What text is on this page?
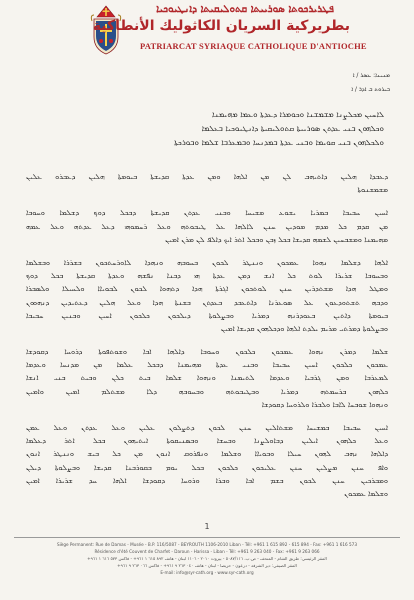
ܦܛܪܝܪܟܘܬܐ ܣܘܪܝܝܬܐ ܩܬܘܠܝܩܝܬܐ ܕܐܢܛܝܘܟܝܐ
بطريركية السريان الكاثوليك الأنطاكية
PATRIARCAT SYRIAQUE CATHOLIQUE D'ANTIOCHE
ܡܢܝܢܐ: ܥܣܪ / ܐ
ܒܝܪܘܬ ܒ ܐܕܪ / ܐ
ܠܐܚܝܢ ܡܟܠܨܢܐ ܡܫܡܫܢܐ ܘܟܘܡܪܐ ܕܥܕܬܐ ܘܥܡܐ ܡܗܝܡܢܐ
ܘܟܠܗܘܢ ܒܢܝ ܥܕܬܢ ܣܘܪܝܝܬܐ ܩܬܘܠܝܩܝܬܐ ܕܐܢܛܝܘܟܝܐ ܒܥܠܡܐ
ܘܠܟܠܗܘܢ ܒܢܝ ܩܘܝܡܐ ܘܒܢܝ ܥܕܬܐ ܒܡܕܢܚܐ ܘܒܡܥܪܒܐ ܫܠܡܐ ܘܒܘܪܟܬܐ
ܕܥܒܕܐ ܗܠܝܢ ܕܐܬܝܗܒ ܠܢ ܡܢ ܐܠܗܐ ܘܡܢ ܥܕܬܐ ܩܕܝܫܬܐ ܒܝܘܡܬܐ ܗܠܝܢ ܕܥܒܪܘ ܥܠܝܢ
ܡܫܡܫܢܘܬܐ
ܐܚܝܢ ܚܒܝܒܐ ܒܡܪܝܐ ܝܫܘܥ ܡܫܝܚܐ ܘܒܢܝ ܥܕܬܢ ܩܕܝܫܬܐ ܕܒܟܠ ܕܘܟ ܕܫܠܡܐ ܘܚܘܒܐ
ܡܢ ܩܕܡ ܟܠ ܡܕܡ ܡܘܕܝܢ ܚܢܢ ܠܐܠܗܐ ܥܠ ܛܝܒܘܬܗ ܘܥܠ ܪܚܡܘܗܝ ܕܥܠ ܥܕܬܗ ܘܥܠ ܥܡܗ
ܡܗܝܡܢܐ ܘܡܫܒܚܝܢ ܠܫܡܗ ܩܕܝܫܐ ܒܟܠ ܙܒܢ ܘܒܟܠ ܐܬܪ ܐܝܟ ܕܐܠܦ ܠܢ ܡܪܢ ܐܡܝܢ
ܐܠܗܐ ܕܫܠܡܐ ܢܗܘܐ ܥܡܟܘܢ ܘܢܢܛܪ ܠܟܘܢ ܒܚܘܒܗ ܘܢܗܕܐ ܠܐܘܪܚܬܟܘܢ ܒܫܪܪܐ ܘܒܫܠܡܐ
ܘܒܚܘܒܐ ܫܪܝܪܐ ܠܘܬ ܟܠ ܐܢܫ ܕܡܢ ܥܕܬܐ ܗܝ ܕܒܢܐ ܢܦܫܗ ܘܥܕܬܐ ܩܕܝܫܬܐ ܒܟܠ ܕܘܟ
ܘܡܛܠ ܗܕܐ ܡܫܬܕܪܝܢ ܚܢܢ ܠܘܬܟܘܢ ܐܓܪܬܐ ܗܕܐ ܕܬܗܘܐ ܠܟܘܢ ܠܒܘܝܐܐ ܘܠܚܝܠܐ ܘܠܣܒܪܐ
ܘܕܒܗ ܬܫܬܘܕܥܘܢ ܥܠ ܣܘܥܪܢܐ ܕܐܬܥܒܕ ܒܥܕܬܢ ܒܫܢܬܐ ܗܕܐ ܘܥܠ ܗܠܝܢ ܕܥܬܝܕܝܢ ܕܢܗܘܘܢ
ܒܝܘܡܬܐ ܕܐܬܝܢ ܒܥܘܕܪܢܗ ܕܡܪܝܐ ܘܒܨܠܘܬܐ ܕܝܠܟܘܢ ܟܠܟܘܢ ܐܚܝܢ ܘܒܢܝܢ ܚܒܝܒܐ
ܘܒܨܠܘܬܐ ܕܡܪܬܝ ܡܪܝܡ ܝܠܕܬ ܐܠܗܐ ܘܕܟܠܗܘܢ ܩܕܝܫܐ ܐܡܝܢ
ܫܠܡܐ ܕܡܪܢ ܢܗܘܐ ܥܡܟܘܢ ܟܠܟܘܢ ܘܚܘܒܐ ܕܐܠܗܐ ܐܒܐ ܘܫܘܬܦܘܬܐ ܕܪܘܚܐ ܕܩܘܕܫܐ
ܥܡܟܘܢ ܟܠܟܘܢ ܐܚܝܢ ܚܒܝܒܐ ܘܒܢܝ ܥܕܬܐ ܡܗܝܡܢܐ ܕܒܟܠ ܥܠܡܐ ܡܢ ܡܕܢܚܐ ܘܥܕܡܐ
ܠܡܥܪܒܐ ܘܡܢ ܓܪܒܝܐ ܘܥܕܡܐ ܠܬܝܡܢܐ ܘܢܗܘܐ ܫܠܡܐ ܒܝܬ ܟܠܢ ܘܒܝܬ ܒܢܝ ܐܢܫܐ
ܟܠܗܘܢ ܒܪܚܡܬܗ ܕܡܪܝܐ ܘܒܛܝܒܘܬܗ ܘܒܚܘܒܗ ܕܠܐ ܡܫܬܠܡ ܐܡܝܢ ܘܐܡܝܢ
ܘܢܗܘܐ ܫܘܒܚܐ ܠܐܒܐ ܘܠܒܪܐ ܘܠܪܘܚܐ ܕܩܘܕܫܐ
ܐܚܝܢ ܚܒܝܒܐ ܒܡܫܝܚܐ ܡܫܬܐܠܝܢ ܚܢܢ ܠܟܘܢ ܕܬܨܠܘܢ ܥܠܝܢ ܘܥܠ ܥܕܬܢ ܘܥܠ ܥܡܢ
ܘܥܠ ܟܠܗܘܢ ܐܝܠܝܢ ܕܒܐܘܠܨܢܐ ܘܒܚܫܐ ܘܒܣܢܝܩܘܬܐ ܐܝܬܝܗܘܢ ܒܟܠ ܐܬܪ ܕܥܠܡܐ
ܕܐܠܗܐ ܢܗܒ ܠܗܘܢ ܚܝܠܐ ܘܒܘܝܐܐ ܘܫܠܡܐ ܘܢܦܪܘܩ ܐܢܘܢ ܡܢ ܟܠ ܒܝܫ ܘܢܢܛܪ ܐܢܘܢ
ܘܐܦ ܚܢܢ ܡܨܠܝܢ ܚܢܢ ܥܠܝܟܘܢ ܟܠܟܘܢ ܒܟܠ ܝܘܡ ܒܩܘܪܒܢܐ ܩܕܝܫܐ ܘܒܨܠܘܬܐ ܕܝܠܢ
ܘܡܒܪܟܝܢ ܚܢܢ ܠܟܘܢ ܒܫܡ ܐܒܐ ܘܒܪܐ ܘܪܘܚܐ ܕܩܘܕܫܐ ܐܠܗܐ ܚܕ ܫܪܝܪܐ ܐܡܝܢ
ܘܫܠܡܐ ܥܡܟܘܢ
1
Siège Permanent: Rue de Damas - Musée - B.P. 116/5087 - BEYROUTH 1106-2010 Liban - Tél: +961 1 615 892 - 615 894 - Fax: +961 1 616 573
Résidence d'été Couvent de Charfet - Daroun - Harissa - Liban - Tél: +961 9 263 040 - Fax: +961 9 263 066
المقر الرئيسي: طريق الشام - المتحف - ص.ب. ٥٠٨٧/١١٦ - بيروت ٢٠١٠ - ١١٠٦ لبنان - هاتف ٨٩٢ ٦١٥ ١ ٩٦١+ - فاكس ٥٧٣ ٦١٦ ١ ٩٦١+
المقر الصيفي: دير الشرفة - درعون - حريصا - لبنان - هاتف ٠٤٠ ٢٦٣ ٩ ٩٦١+ - فاكس ٠٦٦ ٢٦٣ ٩ ٩٦١+
E-mail: info@syr-cath.org - www.syr-cath.org
